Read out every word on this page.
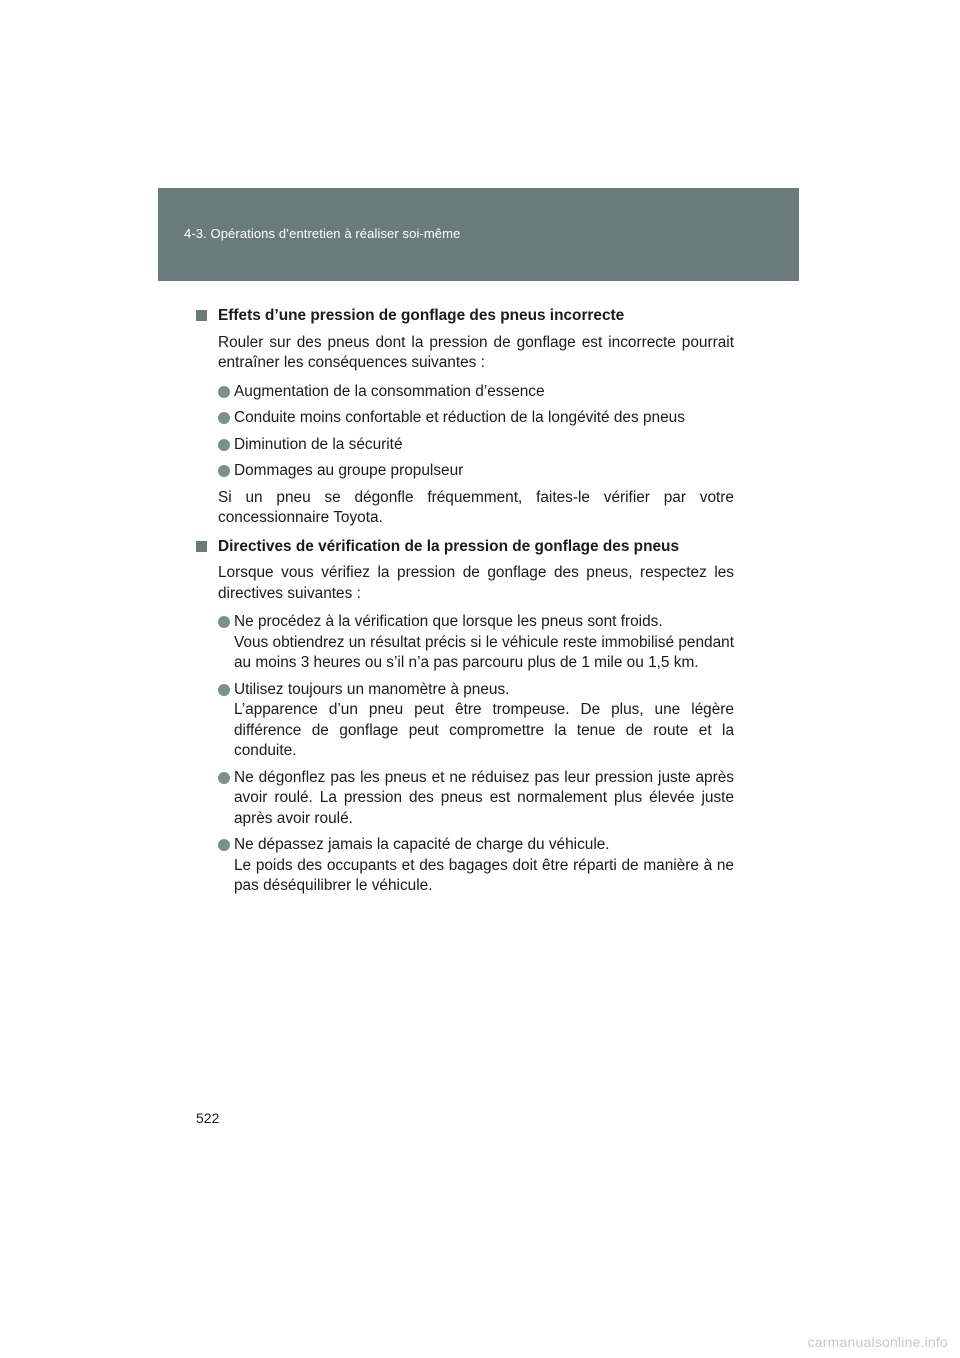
4-3. Opérations d’entretien à réaliser soi-même
Effets d’une pression de gonflage des pneus incorrecte

Rouler sur des pneus dont la pression de gonflage est incorrecte pourrait entraîner les conséquences suivantes :

Augmentation de la consommation d’essence
Conduite moins confortable et réduction de la longévité des pneus
Diminution de la sécurité
Dommages au groupe propulseur

Si un pneu se dégonfle fréquemment, faites-le vérifier par votre concessionnaire Toyota.

Directives de vérification de la pression de gonflage des pneus

Lorsque vous vérifiez la pression de gonflage des pneus, respectez les directives suivantes :

Ne procédez à la vérification que lorsque les pneus sont froids.
Vous obtiendrez un résultat précis si le véhicule reste immobilisé pendant au moins 3 heures ou s’il n’a pas parcouru plus de 1 mile ou 1,5 km.
Utilisez toujours un manomètre à pneus.
L’apparence d’un pneu peut être trompeuse. De plus, une légère différence de gonflage peut compromettre la tenue de route et la conduite.
Ne dégonflez pas les pneus et ne réduisez pas leur pression juste après avoir roulé. La pression des pneus est normalement plus élevée juste après avoir roulé.
Ne dépassez jamais la capacité de charge du véhicule.
Le poids des occupants et des bagages doit être réparti de manière à ne pas déséquilibrer le véhicule.
522
carmanualsonline.info
